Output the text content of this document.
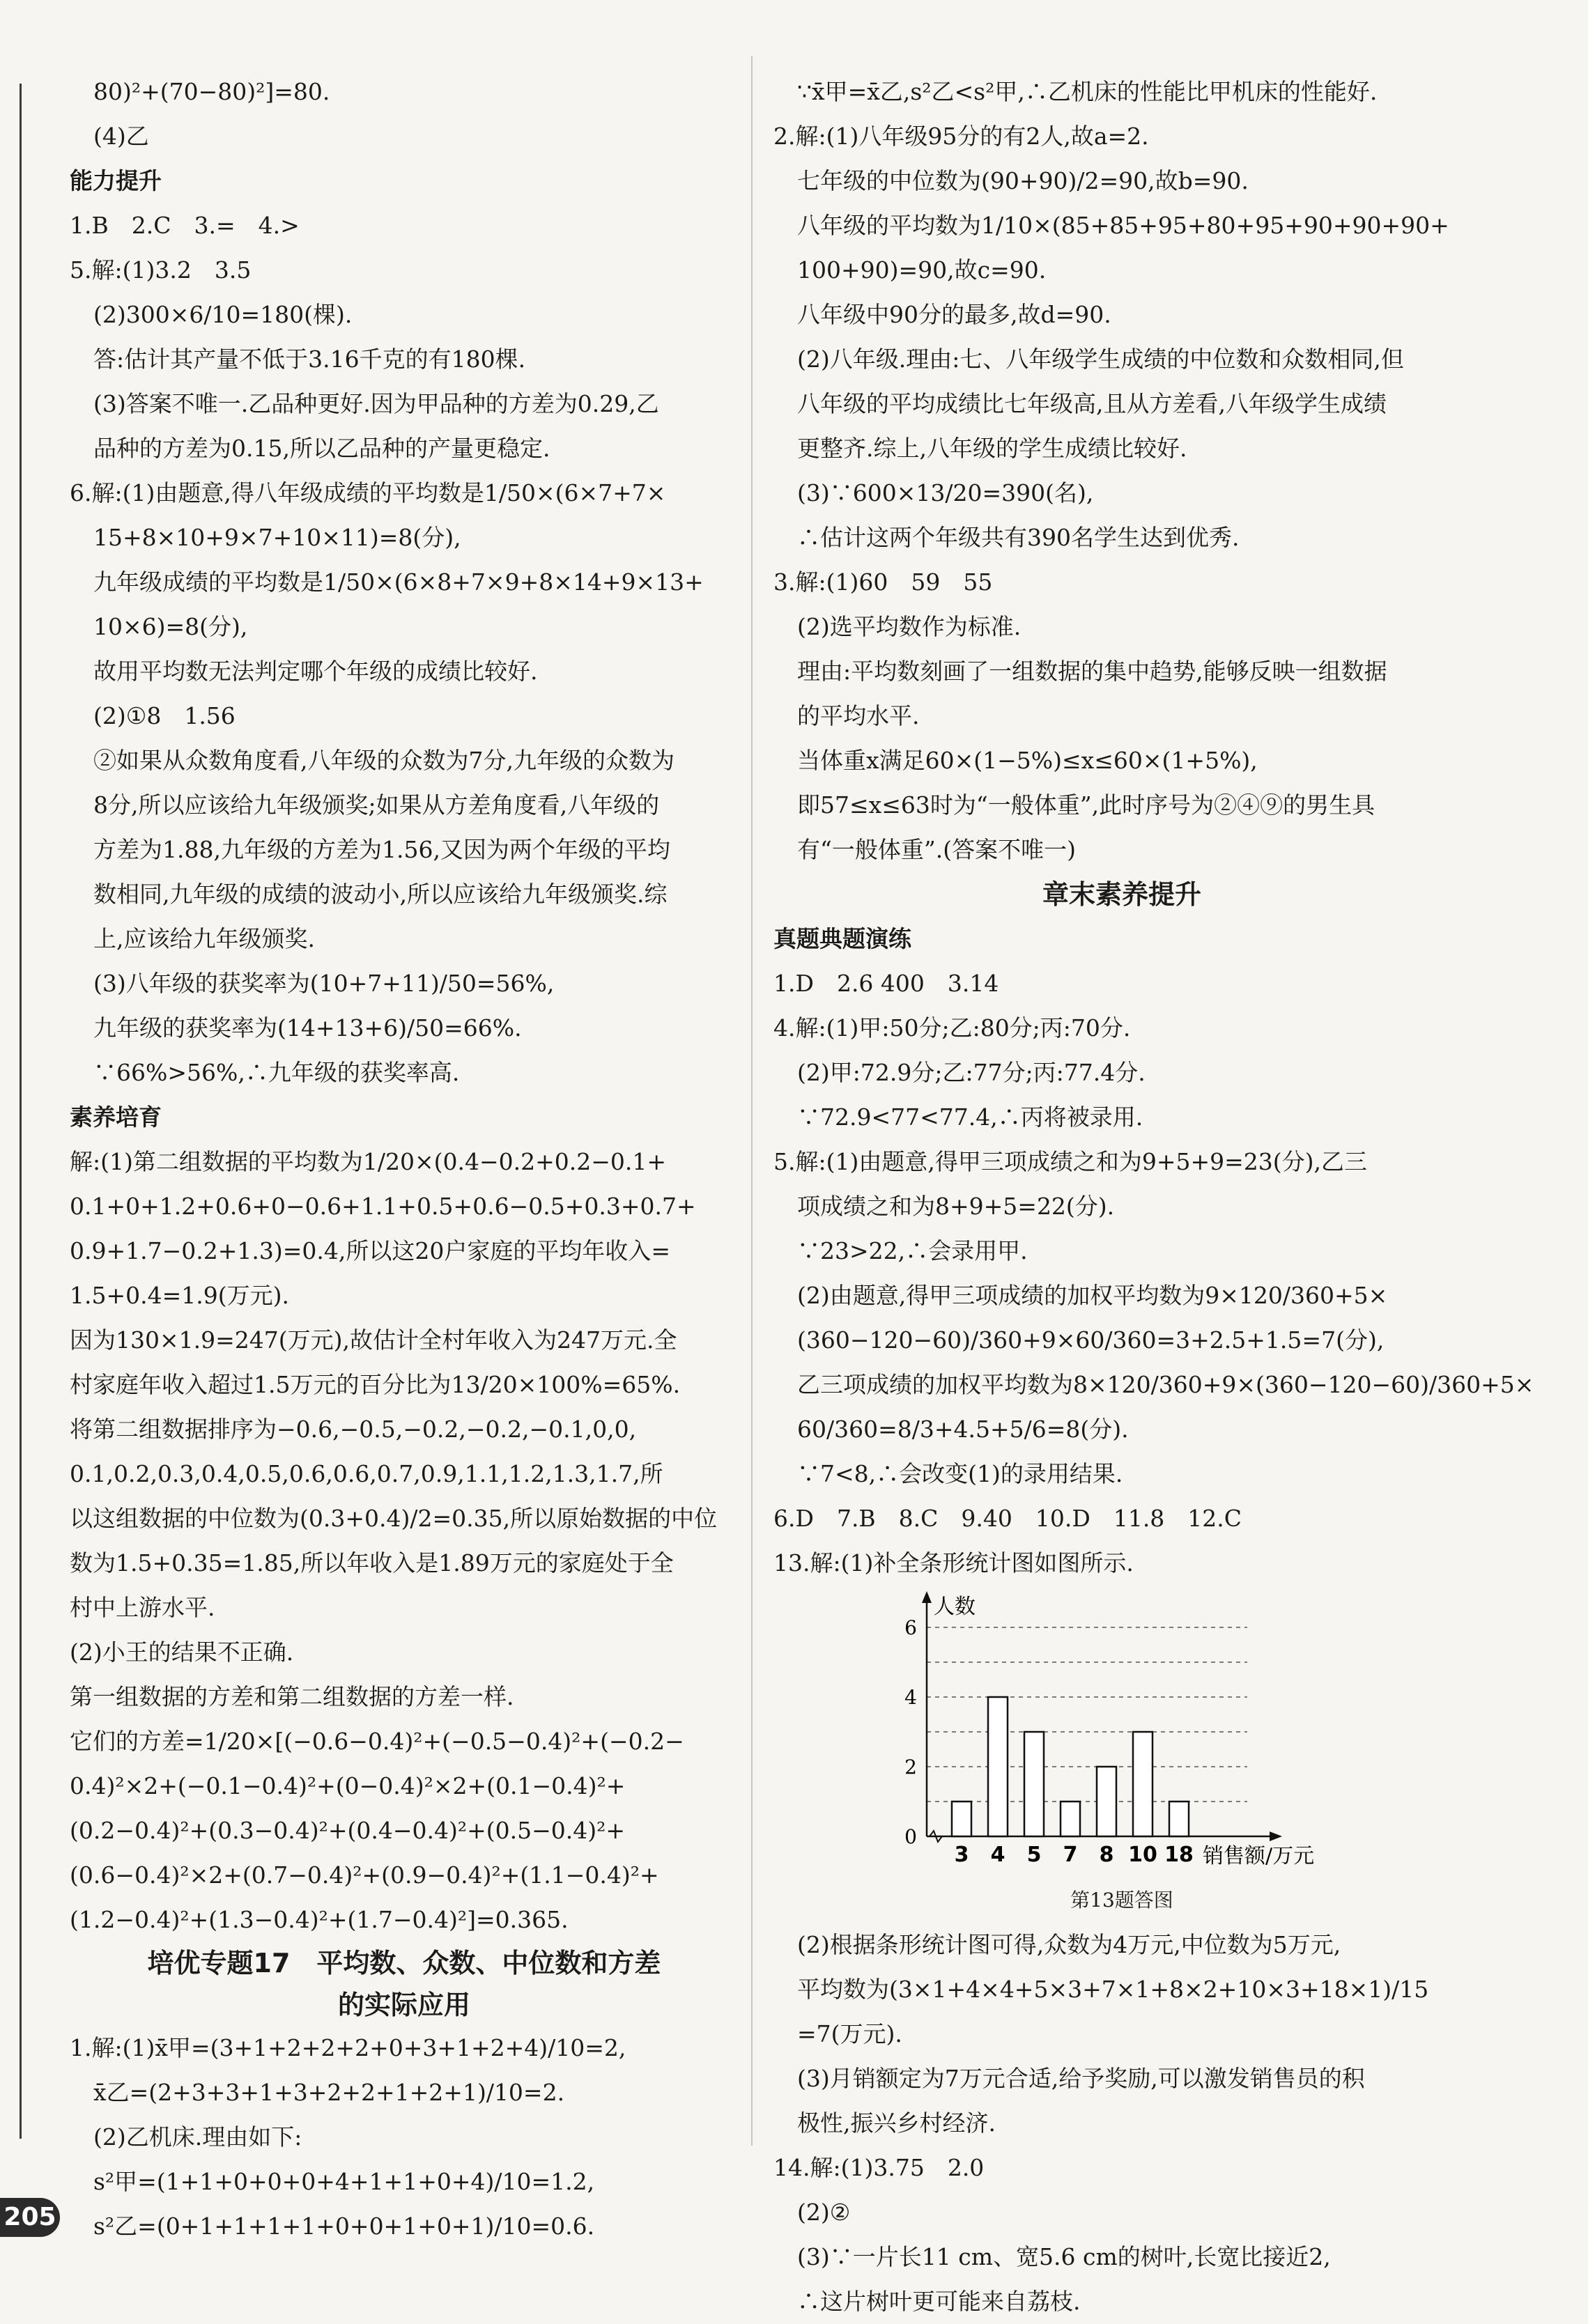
80)²+(70−80)²]=80.
(4)乙
能力提升
1.B　2.C　3.=　4.>
5.解:(1)3.2　3.5
(2)300×6/10=180(棵).
答:估计其产量不低于3.16千克的有180棵.
(3)答案不唯一.乙品种更好.因为甲品种的方差为0.29,乙
品种的方差为0.15,所以乙品种的产量更稳定.
6.解:(1)由题意,得八年级成绩的平均数是1/50×(6×7+7×
15+8×10+9×7+10×11)=8(分),
九年级成绩的平均数是1/50×(6×8+7×9+8×14+9×13+
10×6)=8(分),
故用平均数无法判定哪个年级的成绩比较好.
(2)①8　1.56
②如果从众数角度看,八年级的众数为7分,九年级的众数为
8分,所以应该给九年级颁奖;如果从方差角度看,八年级的
方差为1.88,九年级的方差为1.56,又因为两个年级的平均
数相同,九年级的成绩的波动小,所以应该给九年级颁奖.综
上,应该给九年级颁奖.
(3)八年级的获奖率为(10+7+11)/50=56%,
九年级的获奖率为(14+13+6)/50=66%.
∵66%>56%,∴九年级的获奖率高.
素养培育
解:(1)第二组数据的平均数为1/20×(0.4−0.2+0.2−0.1+
0.1+0+1.2+0.6+0−0.6+1.1+0.5+0.6−0.5+0.3+0.7+
0.9+1.7−0.2+1.3)=0.4,所以这20户家庭的平均年收入=
1.5+0.4=1.9(万元).
因为130×1.9=247(万元),故估计全村年收入为247万元.全
村家庭年收入超过1.5万元的百分比为13/20×100%=65%.
将第二组数据排序为−0.6,−0.5,−0.2,−0.2,−0.1,0,0,
0.1,0.2,0.3,0.4,0.5,0.6,0.6,0.7,0.9,1.1,1.2,1.3,1.7,所
以这组数据的中位数为(0.3+0.4)/2=0.35,所以原始数据的中位
数为1.5+0.35=1.85,所以年收入是1.89万元的家庭处于全
村中上游水平.
(2)小王的结果不正确.
第一组数据的方差和第二组数据的方差一样.
它们的方差=1/20×[(−0.6−0.4)²+(−0.5−0.4)²+(−0.2−
0.4)²×2+(−0.1−0.4)²+(0−0.4)²×2+(0.1−0.4)²+
(0.2−0.4)²+(0.3−0.4)²+(0.4−0.4)²+(0.5−0.4)²+
(0.6−0.4)²×2+(0.7−0.4)²+(0.9−0.4)²+(1.1−0.4)²+
(1.2−0.4)²+(1.3−0.4)²+(1.7−0.4)²]=0.365.
培优专题17　平均数、众数、中位数和方差
的实际应用
1.解:(1)x̄甲=(3+1+2+2+2+0+3+1+2+4)/10=2,
x̄乙=(2+3+3+1+3+2+2+1+2+1)/10=2.
(2)乙机床.理由如下:
s²甲=(1+1+0+0+0+4+1+1+0+4)/10=1.2,
s²乙=(0+1+1+1+1+0+0+1+0+1)/10=0.6.
∵x̄甲=x̄乙,s²乙<s²甲,∴乙机床的性能比甲机床的性能好.
2.解:(1)八年级95分的有2人,故a=2.
七年级的中位数为(90+90)/2=90,故b=90.
八年级的平均数为1/10×(85+85+95+80+95+90+90+90+
100+90)=90,故c=90.
八年级中90分的最多,故d=90.
(2)八年级.理由:七、八年级学生成绩的中位数和众数相同,但
八年级的平均成绩比七年级高,且从方差看,八年级学生成绩
更整齐.综上,八年级的学生成绩比较好.
(3)∵600×13/20=390(名),
∴估计这两个年级共有390名学生达到优秀.
3.解:(1)60　59　55
(2)选平均数作为标准.
理由:平均数刻画了一组数据的集中趋势,能够反映一组数据
的平均水平.
当体重x满足60×(1−5%)≤x≤60×(1+5%),
即57≤x≤63时为“一般体重”,此时序号为②④⑨的男生具
有“一般体重”.(答案不唯一)
章末素养提升
真题典题演练
1.D　2.6 400　3.14
4.解:(1)甲:50分;乙:80分;丙:70分.
(2)甲:72.9分;乙:77分;丙:77.4分.
∵72.9<77<77.4,∴丙将被录用.
5.解:(1)由题意,得甲三项成绩之和为9+5+9=23(分),乙三
项成绩之和为8+9+5=22(分).
∵23>22,∴会录用甲.
(2)由题意,得甲三项成绩的加权平均数为9×120/360+5×
(360−120−60)/360+9×60/360=3+2.5+1.5=7(分),
乙三项成绩的加权平均数为8×120/360+9×(360−120−60)/360+5×
60/360=8/3+4.5+5/6=8(分).
∵7<8,∴会改变(1)的录用结果.
6.D　7.B　8.C　9.40　10.D　11.8　12.C
13.解:(1)补全条形统计图如图所示.
0
2
4
6
人数
3 4 5 7 8 10 18 销售额/万元
第13题答图
(2)根据条形统计图可得,众数为4万元,中位数为5万元,
平均数为(3×1+4×4+5×3+7×1+8×2+10×3+18×1)/15
=7(万元).
(3)月销额定为7万元合适,给予奖励,可以激发销售员的积
极性,振兴乡村经济.
14.解:(1)3.75　2.0
(2)②
(3)∵一片长11 cm、宽5.6 cm的树叶,长宽比接近2,
∴这片树叶更可能来自荔枝.
205
